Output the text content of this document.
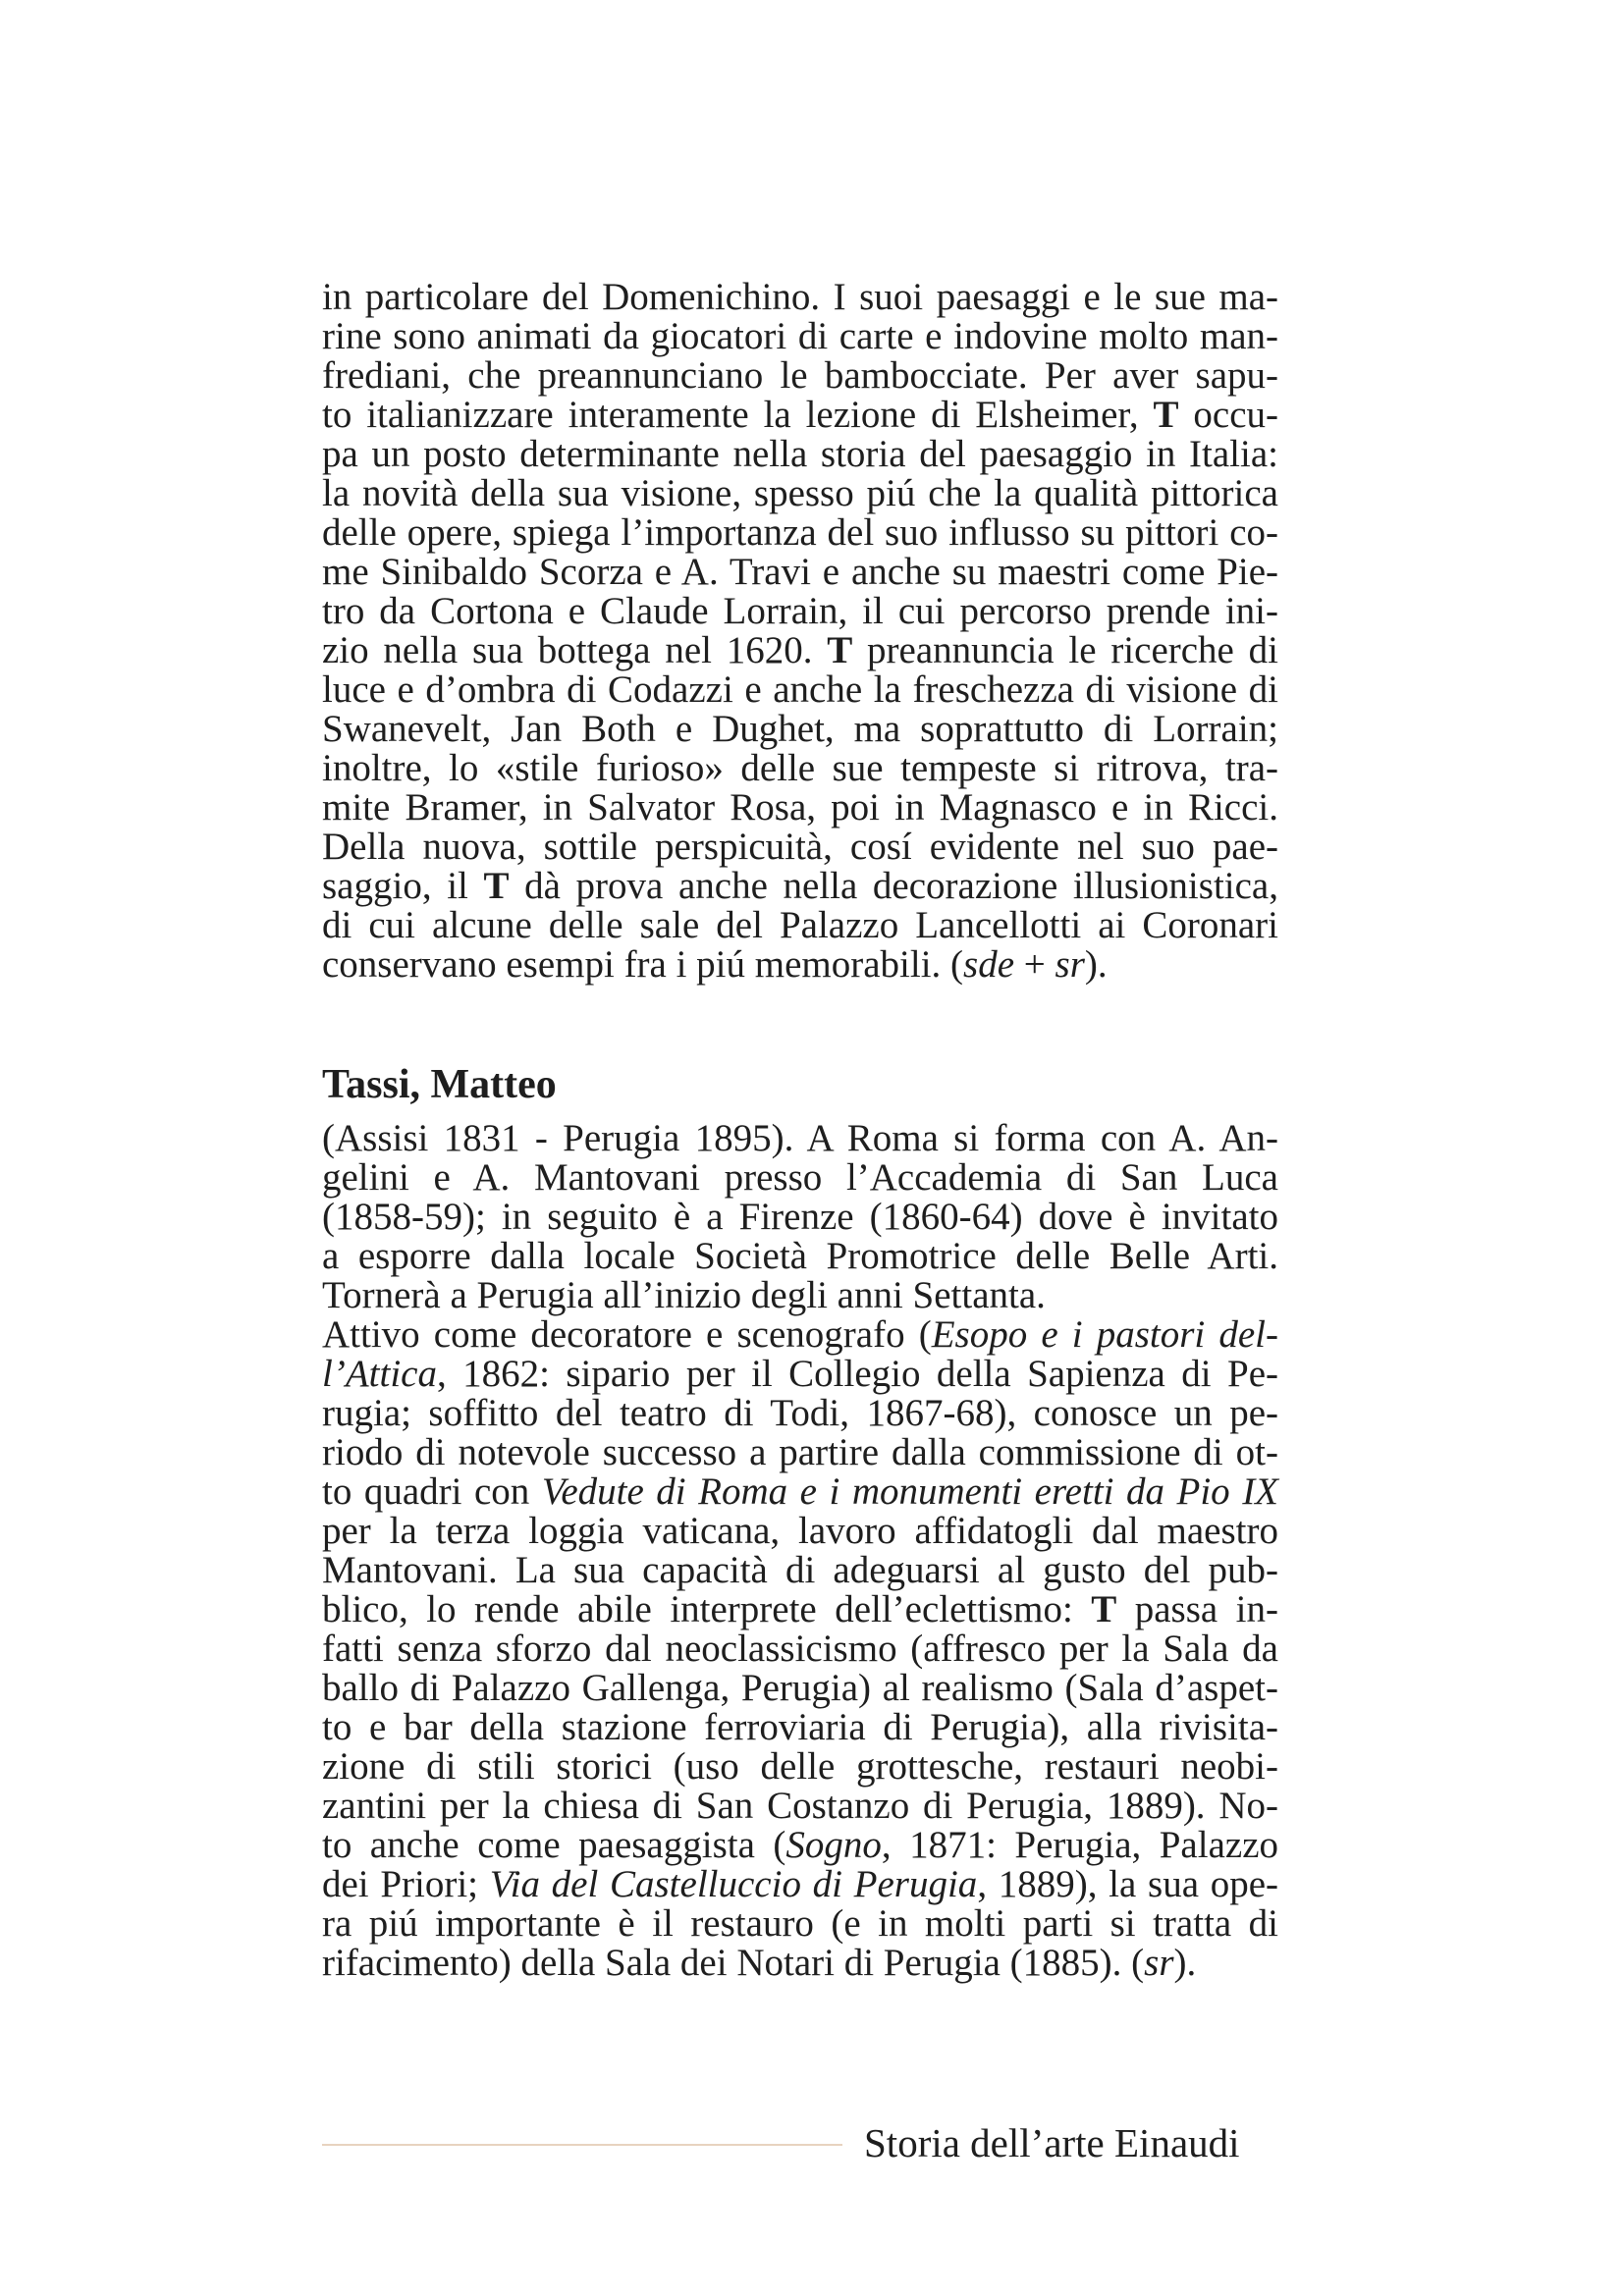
in particolare del Domenichino. I suoi paesaggi e le sue ma-
rine sono animati da giocatori di carte e indovine molto man-
frediani, che preannunciano le bambocciate. Per aver sapu-
to italianizzare interamente la lezione di Elsheimer, T occu-
pa un posto determinante nella storia del paesaggio in Italia:
la novità della sua visione, spesso piú che la qualità pittorica
delle opere, spiega l’importanza del suo influsso su pittori co-
me Sinibaldo Scorza e A. Travi e anche su maestri come Pie-
tro da Cortona e Claude Lorrain, il cui percorso prende ini-
zio nella sua bottega nel 1620. T preannuncia le ricerche di
luce e d’ombra di Codazzi e anche la freschezza di visione di
Swanevelt, Jan Both e Dughet, ma soprattutto di Lorrain;
inoltre, lo «stile furioso» delle sue tempeste si ritrova, tra-
mite Bramer, in Salvator Rosa, poi in Magnasco e in Ricci.
Della nuova, sottile perspicuità, cosí evidente nel suo pae-
saggio, il T dà prova anche nella decorazione illusionistica,
di cui alcune delle sale del Palazzo Lancellotti ai Coronari
conservano esempi fra i piú memorabili. (sde + sr).
Tassi, Matteo
(Assisi 1831 - Perugia 1895). A Roma si forma con A. An-
gelini e A. Mantovani presso l’Accademia di San Luca
(1858-59); in seguito è a Firenze (1860-64) dove è invitato
a esporre dalla locale Società Promotrice delle Belle Arti.
Tornerà a Perugia all’inizio degli anni Settanta.
Attivo come decoratore e scenografo (Esopo e i pastori del-
l’Attica, 1862: sipario per il Collegio della Sapienza di Pe-
rugia; soffitto del teatro di Todi, 1867-68), conosce un pe-
riodo di notevole successo a partire dalla commissione di ot-
to quadri con Vedute di Roma e i monumenti eretti da Pio IX
per la terza loggia vaticana, lavoro affidatogli dal maestro
Mantovani. La sua capacità di adeguarsi al gusto del pub-
blico, lo rende abile interprete dell’eclettismo: T passa in-
fatti senza sforzo dal neoclassicismo (affresco per la Sala da
ballo di Palazzo Gallenga, Perugia) al realismo (Sala d’aspet-
to e bar della stazione ferroviaria di Perugia), alla rivisita-
zione di stili storici (uso delle grottesche, restauri neobi-
zantini per la chiesa di San Costanzo di Perugia, 1889). No-
to anche come paesaggista (Sogno, 1871: Perugia, Palazzo
dei Priori; Via del Castelluccio di Perugia, 1889), la sua ope-
ra piú importante è il restauro (e in molti parti si tratta di
rifacimento) della Sala dei Notari di Perugia (1885). (sr).

Storia dell’arte Einaudi
